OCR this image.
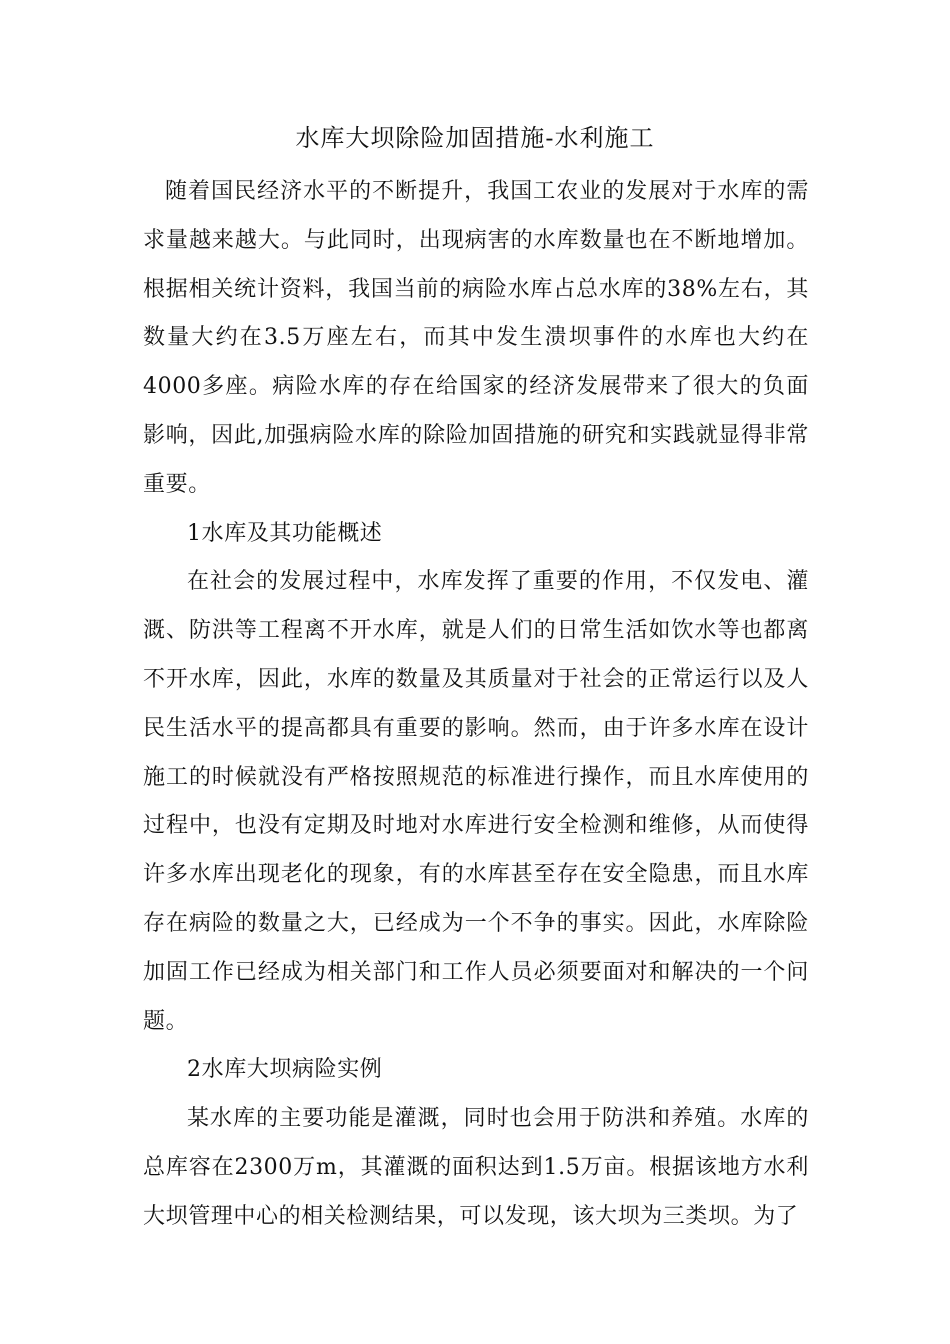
水库大坝除险加固措施-水利施工

随着国民经济水平的不断提升，我国工农业的发展对于水库的需求量越来越大。与此同时，出现病害的水库数量也在不断地增加。根据相关统计资料，我国当前的病险水库占总水库的38%左右，其数量大约在3.5万座左右，而其中发生溃坝事件的水库也大约在4000多座。病险水库的存在给国家的经济发展带来了很大的负面影响，因此,加强病险水库的除险加固措施的研究和实践就显得非常重要。

1水库及其功能概述

在社会的发展过程中，水库发挥了重要的作用，不仅发电、灌溉、防洪等工程离不开水库，就是人们的日常生活如饮水等也都离不开水库，因此，水库的数量及其质量对于社会的正常运行以及人民生活水平的提高都具有重要的影响。然而，由于许多水库在设计施工的时候就没有严格按照规范的标准进行操作，而且水库使用的过程中，也没有定期及时地对水库进行安全检测和维修，从而使得许多水库出现老化的现象，有的水库甚至存在安全隐患，而且水库存在病险的数量之大，已经成为一个不争的事实。因此，水库除险加固工作已经成为相关部门和工作人员必须要面对和解决的一个问题。

2水库大坝病险实例

某水库的主要功能是灌溉，同时也会用于防洪和养殖。水库的总库容在2300万m，其灌溉的面积达到1.5万亩。根据该地方水利大坝管理中心的相关检测结果，可以发现，该大坝为三类坝。为了
